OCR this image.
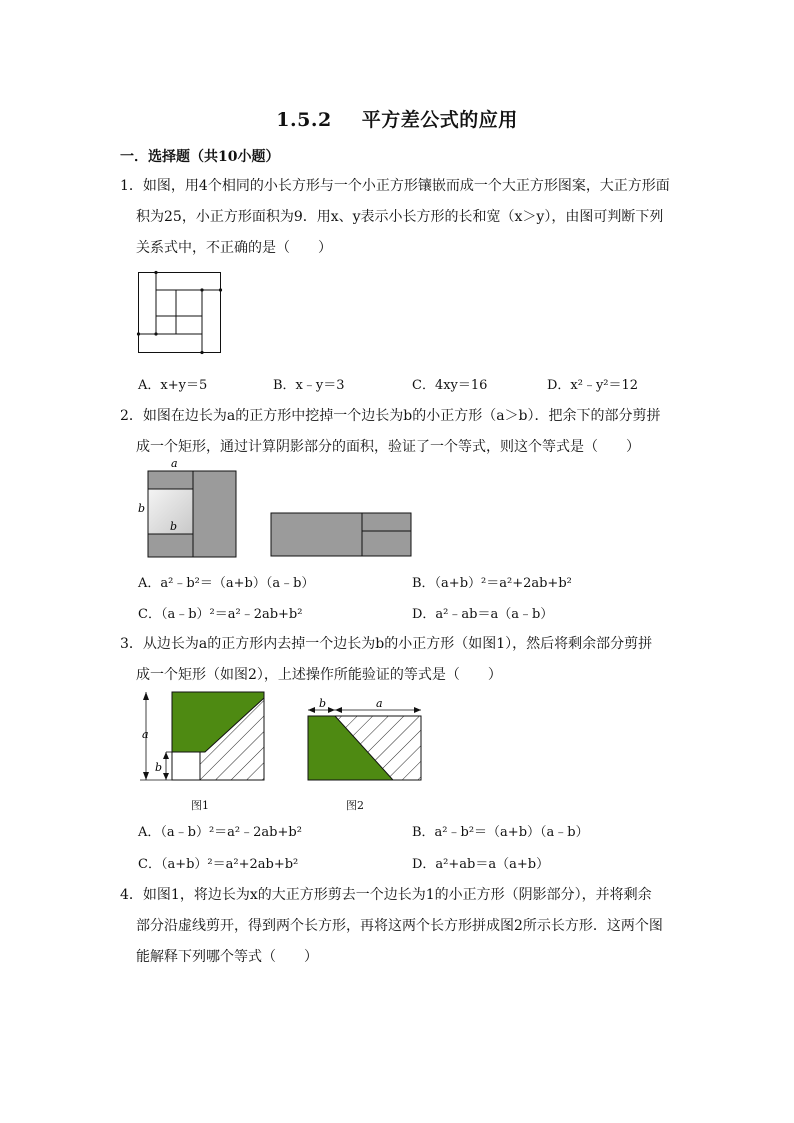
1.5.2 平方差公式的应用
一．选择题（共10小题）
1．如图，用4个相同的小长方形与一个小正方形镶嵌而成一个大正方形图案，大正方形面
积为25，小正方形面积为9．用x、y表示小长方形的长和宽（x＞y），由图可判断下列
关系式中，不正确的是（　　）
A．x+y＝5	B．x﹣y＝3	C．4xy＝16	D．x²﹣y²＝12
2．如图在边长为a的正方形中挖掉一个边长为b的小正方形（a＞b）．把余下的部分剪拼
成一个矩形，通过计算阴影部分的面积，验证了一个等式，则这个等式是（　　）
a
b
b
A．a²﹣b²＝（a+b）（a﹣b）	B．（a+b）²＝a²+2ab+b²
C．（a﹣b）²＝a²﹣2ab+b²	D．a²﹣ab＝a（a﹣b）
3．从边长为a的正方形内去掉一个边长为b的小正方形（如图1），然后将剩余部分剪拼
成一个矩形（如图2），上述操作所能验证的等式是（　　）
a
b
b	a
图1	图2
A．（a﹣b）²＝a²﹣2ab+b²	B．a²﹣b²＝（a+b）（a﹣b）
C．（a+b）²＝a²+2ab+b²	D．a²+ab＝a（a+b）
4．如图1，将边长为x的大正方形剪去一个边长为1的小正方形（阴影部分），并将剩余
部分沿虚线剪开，得到两个长方形，再将这两个长方形拼成图2所示长方形．这两个图
能解释下列哪个等式（　　）
